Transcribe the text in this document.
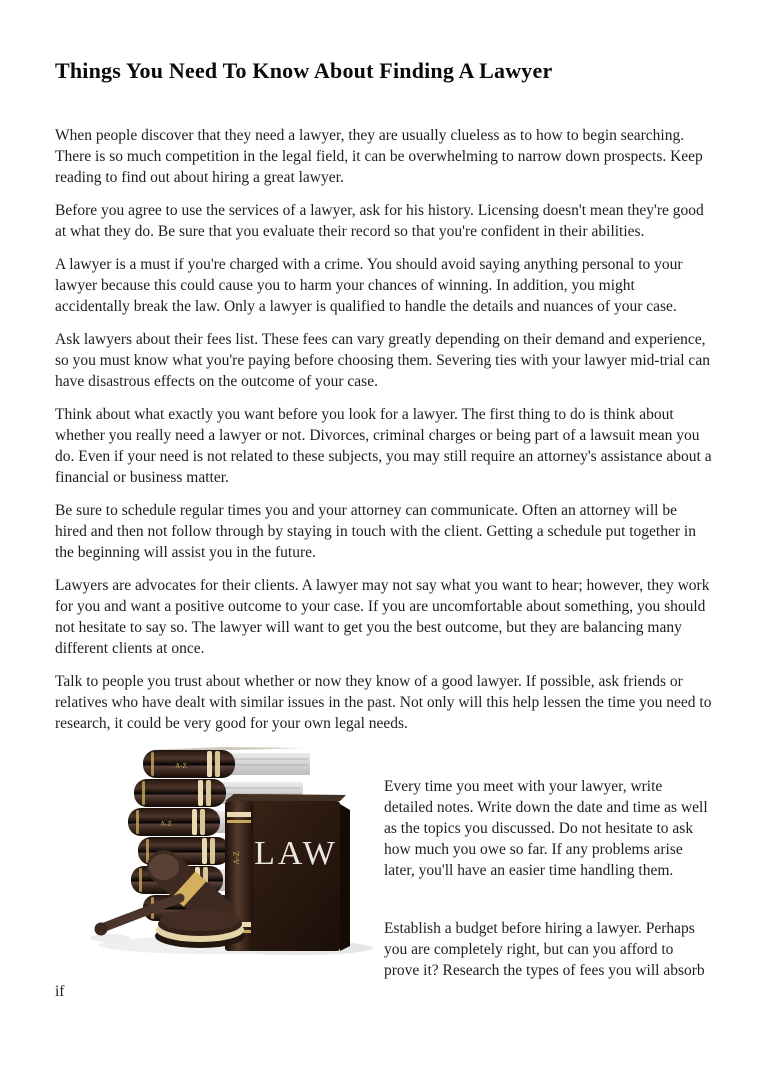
Things You Need To Know About Finding A Lawyer

When people discover that they need a lawyer, they are usually clueless as to how to begin searching. There is so much competition in the legal field, it can be overwhelming to narrow down prospects. Keep reading to find out about hiring a great lawyer.

Before you agree to use the services of a lawyer, ask for his history. Licensing doesn't mean they're good at what they do. Be sure that you evaluate their record so that you're confident in their abilities.

A lawyer is a must if you're charged with a crime. You should avoid saying anything personal to your lawyer because this could cause you to harm your chances of winning. In addition, you might accidentally break the law. Only a lawyer is qualified to handle the details and nuances of your case.

Ask lawyers about their fees list. These fees can vary greatly depending on their demand and experience, so you must know what you're paying before choosing them. Severing ties with your lawyer mid-trial can have disastrous effects on the outcome of your case.

Think about what exactly you want before you look for a lawyer. The first thing to do is think about whether you really need a lawyer or not. Divorces, criminal charges or being part of a lawsuit mean you do. Even if your need is not related to these subjects, you may still require an attorney's assistance about a financial or business matter.

Be sure to schedule regular times you and your attorney can communicate. Often an attorney will be hired and then not follow through by staying in touch with the client. Getting a schedule put together in the beginning will assist you in the future.

Lawyers are advocates for their clients. A lawyer may not say what you want to hear; however, they work for you and want a positive outcome to your case. If you are uncomfortable about something, you should not hesitate to say so. The lawyer will want to get you the best outcome, but they are balancing many different clients at once.

Talk to people you trust about whether or now they know of a good lawyer. If possible, ask friends or relatives who have dealt with similar issues in the past. Not only will this help lessen the time you need to research, it could be very good for your own legal needs.

A-Z
A-Z
A-Z LAW

Every time you meet with your lawyer, write detailed notes. Write down the date and time as well as the topics you discussed. Do not hesitate to ask how much you owe so far. If any problems arise later, you'll have an easier time handling them.

Establish a budget before hiring a lawyer. Perhaps you are completely right, but can you afford to prove it? Research the types of fees you will absorb if
